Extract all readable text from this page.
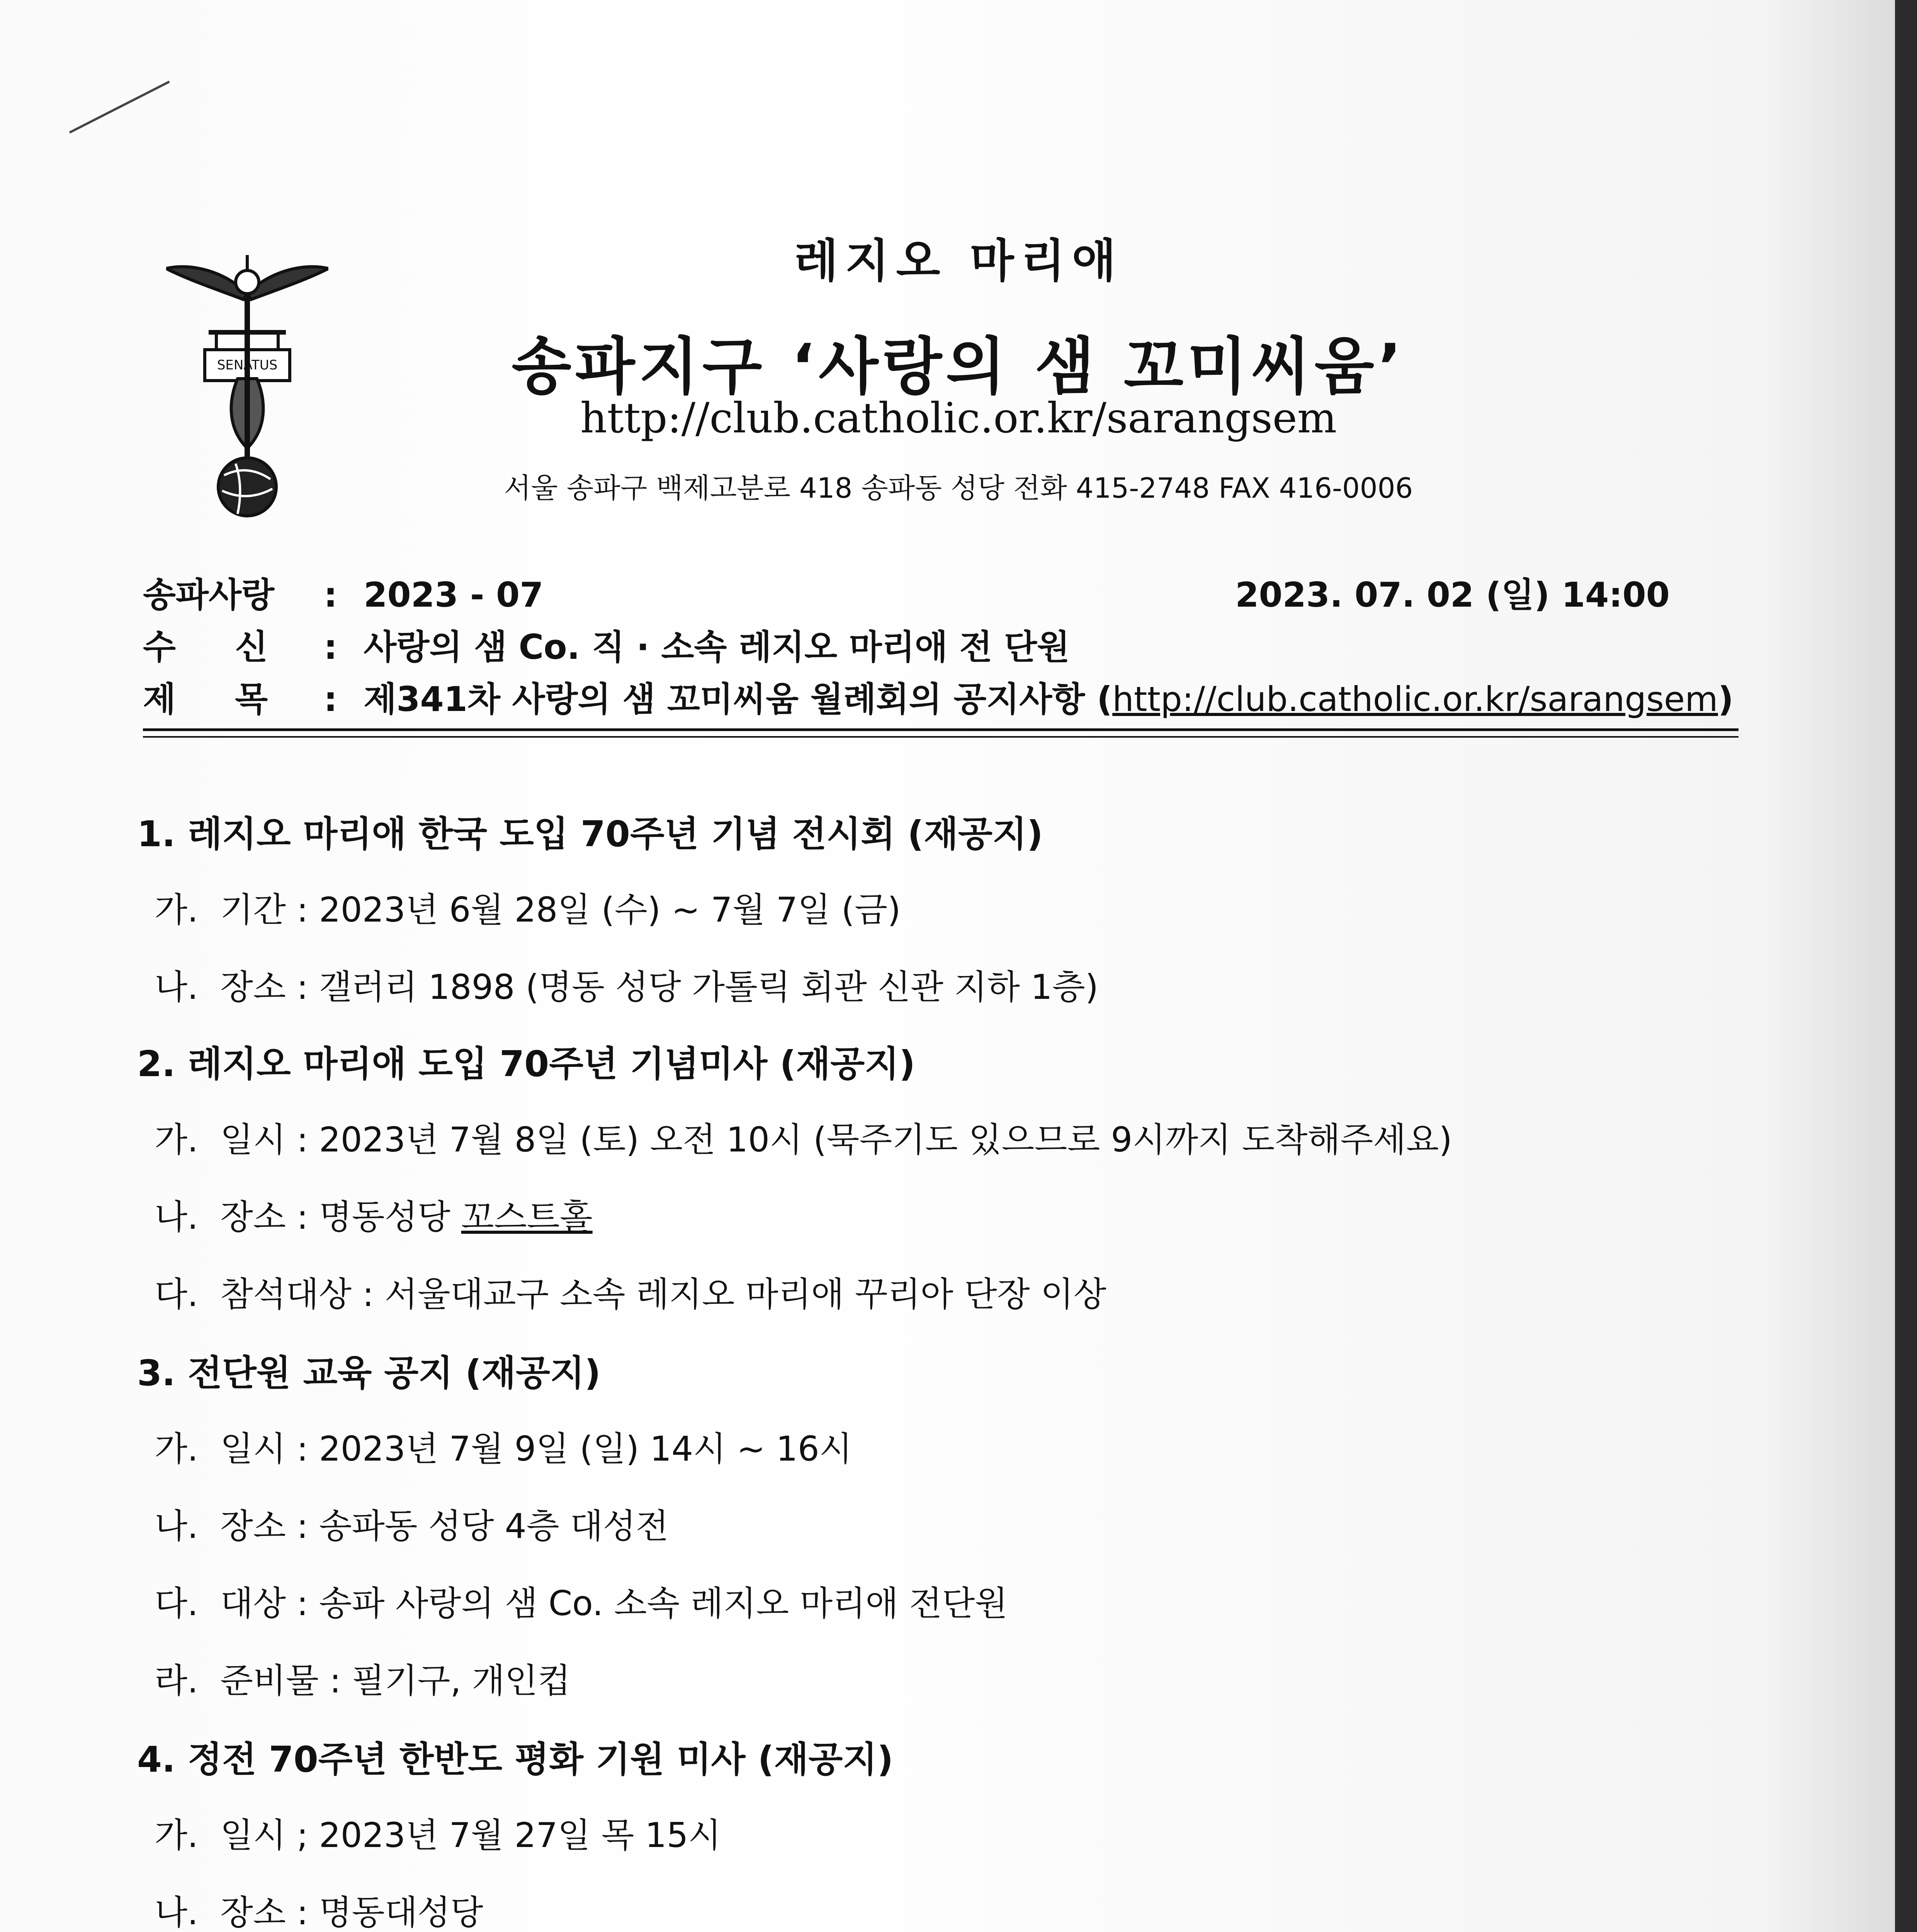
SENATUS
레지오 마리애
송파지구 ‘사랑의 샘 꼬미씨움’
http://club.catholic.or.kr/sarangsem
서울 송파구 백제고분로 418 송파동 성당 전화 415-2748 FAX 416-0006
송파사랑 : 2023 - 07	2023. 07. 02 (일) 14:00
수     신 : 사랑의 샘 Co. 직 · 소속 레지오 마리애 전 단원
제     목 : 제341차 사랑의 샘 꼬미씨움 월례회의 공지사항 (http://club.catholic.or.kr/sarangsem)
1. 레지오 마리애 한국 도입 70주년 기념 전시회 (재공지)
가. 기간 : 2023년 6월 28일 (수) ~ 7월 7일 (금)
나. 장소 : 갤러리 1898 (명동 성당 가톨릭 회관 신관 지하 1층)
2. 레지오 마리애 도입 70주년 기념미사 (재공지)
가. 일시 : 2023년 7월 8일 (토) 오전 10시 (묵주기도 있으므로 9시까지 도착해주세요)
나. 장소 : 명동성당 꼬스트홀
다. 참석대상 : 서울대교구 소속 레지오 마리애 꾸리아 단장 이상
3. 전단원 교육 공지 (재공지)
가. 일시 : 2023년 7월 9일 (일) 14시 ~ 16시
나. 장소 : 송파동 성당 4층 대성전
다. 대상 : 송파 사랑의 샘 Co. 소속 레지오 마리애 전단원
라. 준비물 : 필기구, 개인컵
4. 정전 70주년 한반도 평화 기원 미사 (재공지)
가. 일시 ; 2023년 7월 27일 목 15시
나. 장소 : 명동대성당
